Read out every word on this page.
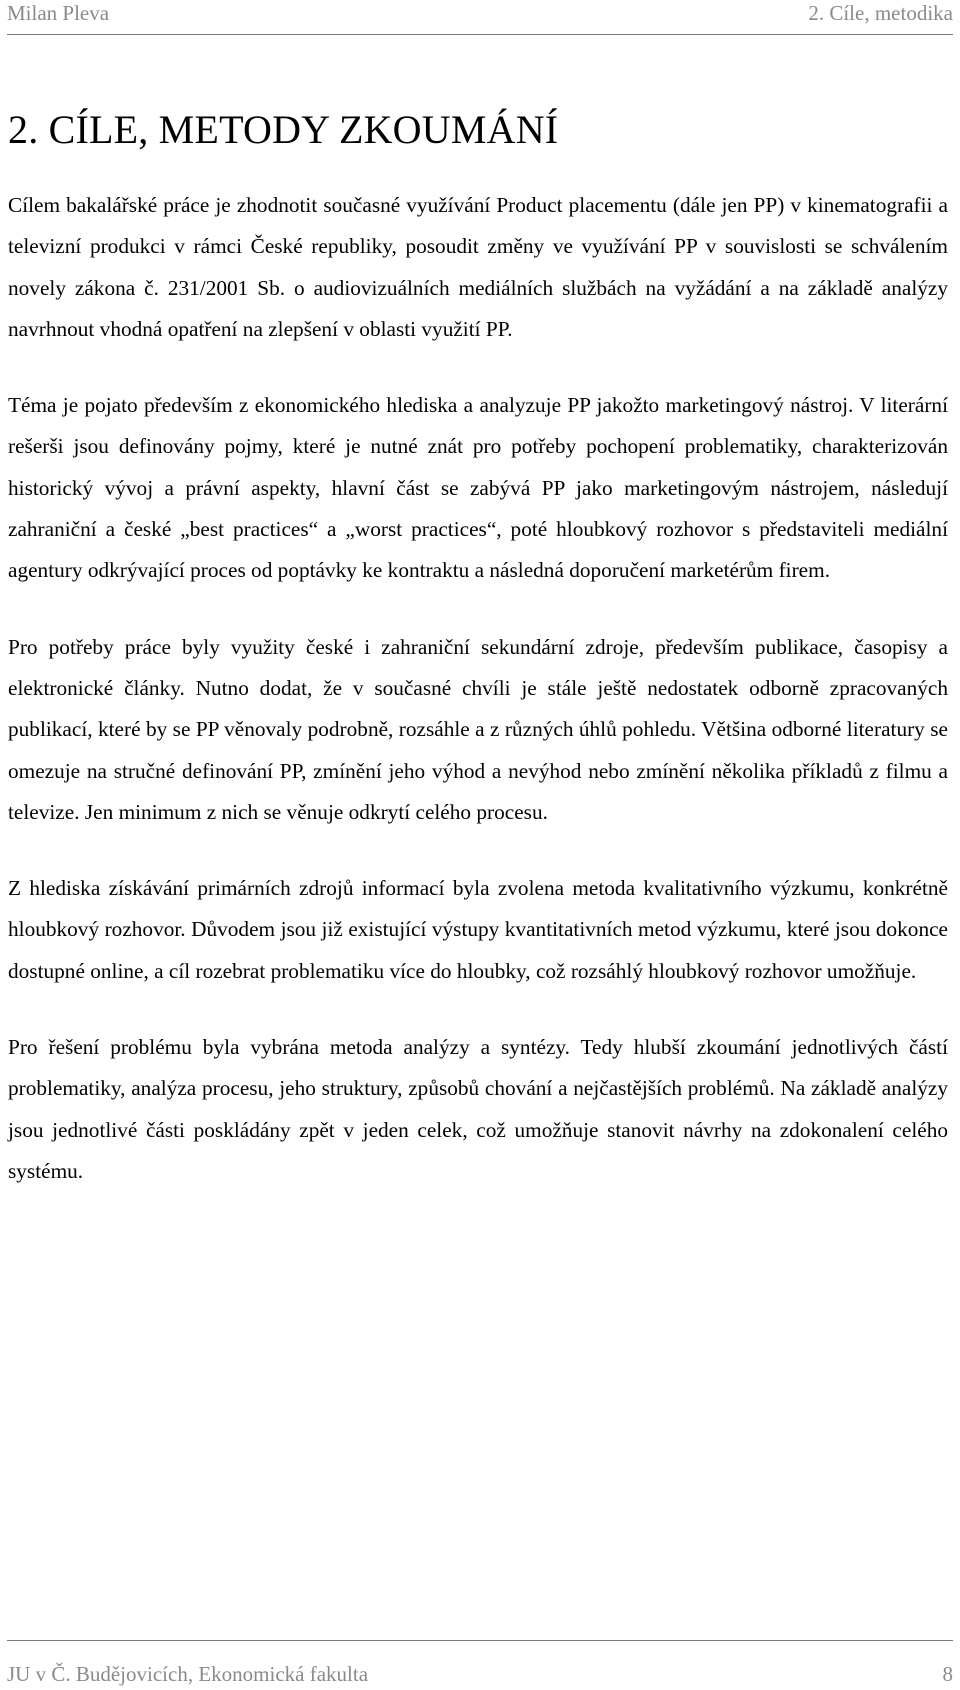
Milan Pleva	2. Cíle, metodika
2. CÍLE, METODY ZKOUMÁNÍ

Cílem bakalářské práce je zhodnotit současné využívání Product placementu (dále jen PP) v kinematografii a televizní produkci v rámci České republiky, posoudit změny ve využívání PP v souvislosti se schválením novely zákona č. 231/2001 Sb. o audiovizuálních mediálních službách na vyžádání a na základě analýzy navrhnout vhodná opatření na zlepšení v oblasti využití PP.

Téma je pojato především z ekonomického hlediska a analyzuje PP jakožto marketingový nástroj. V literární rešerši jsou definovány pojmy, které je nutné znát pro potřeby pochopení problematiky, charakterizován historický vývoj a právní aspekty, hlavní část se zabývá PP jako marketingovým nástrojem, následují zahraniční a české „best practices“ a „worst practices“, poté hloubkový rozhovor s představiteli mediální agentury odkrývající proces od poptávky ke kontraktu a následná doporučení marketérům firem.

Pro potřeby práce byly využity české i zahraniční sekundární zdroje, především publikace, časopisy a elektronické články. Nutno dodat, že v současné chvíli je stále ještě nedostatek odborně zpracovaných publikací, které by se PP věnovaly podrobně, rozsáhle a z různých úhlů pohledu. Většina odborné literatury se omezuje na stručné definování PP, zmínění jeho výhod a nevýhod nebo zmínění několika příkladů z filmu a televize. Jen minimum z nich se věnuje odkrytí celého procesu.

Z hlediska získávání primárních zdrojů informací byla zvolena metoda kvalitativního výzkumu, konkrétně hloubkový rozhovor. Důvodem jsou již existující výstupy kvantitativních metod výzkumu, které jsou dokonce dostupné online, a cíl rozebrat problematiku více do hloubky, což rozsáhlý hloubkový rozhovor umožňuje.

Pro řešení problému byla vybrána metoda analýzy a syntézy. Tedy hlubší zkoumání jednotlivých částí problematiky, analýza procesu, jeho struktury, způsobů chování a nejčastějších problémů. Na základě analýzy jsou jednotlivé části poskládány zpět v jeden celek, což umožňuje stanovit návrhy na zdokonalení celého systému.

JU v Č. Budějovicích, Ekonomická fakulta	8
